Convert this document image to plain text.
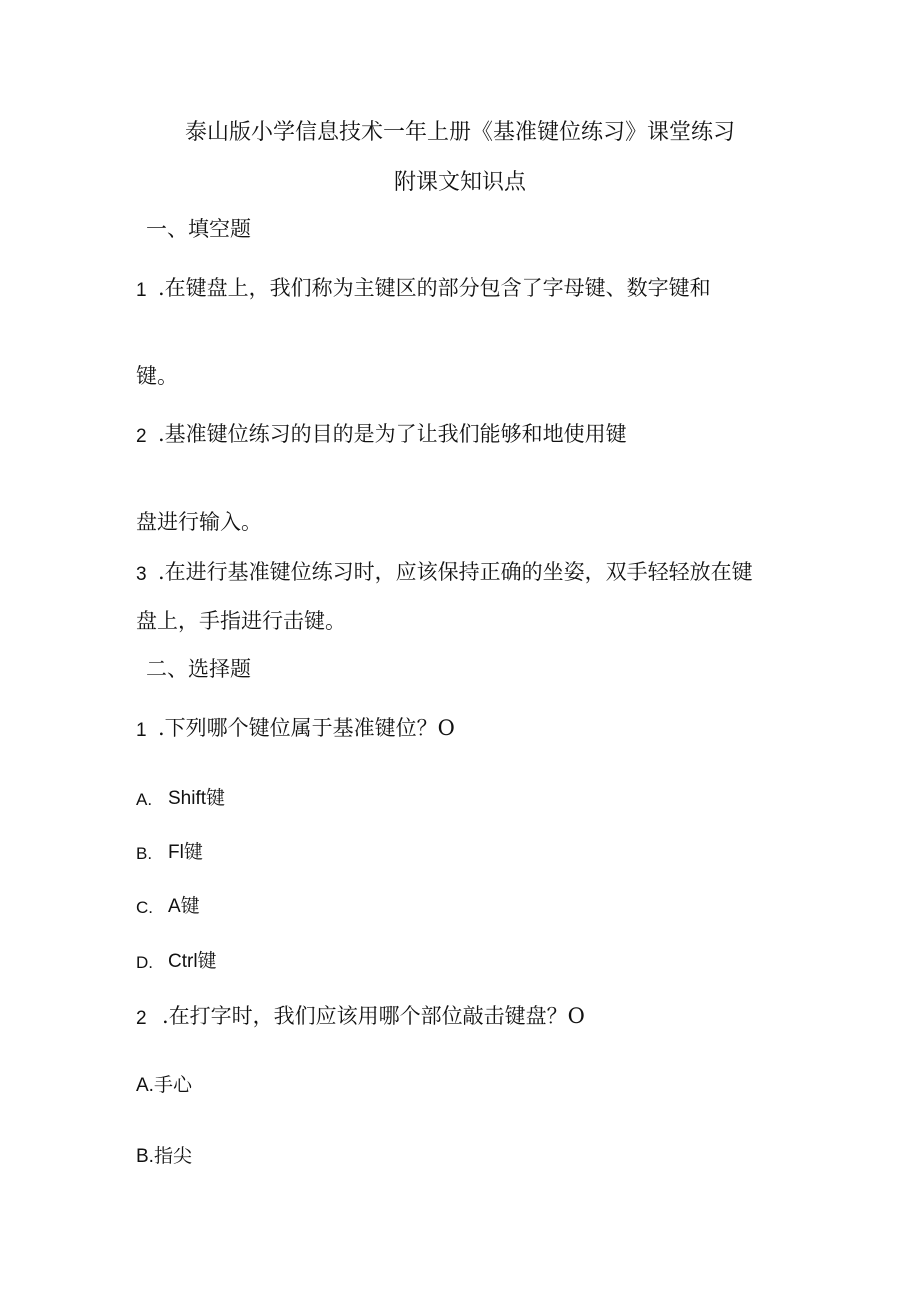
泰山版小学信息技术一年上册《基准键位练习》课堂练习
附课文知识点
一、填空题
1 .在键盘上，我们称为主键区的部分包含了字母键、数字键和
键。
2 .基准键位练习的目的是为了让我们能够和地使用键
盘进行输入。
3 .在进行基准键位练习时，应该保持正确的坐姿，双手轻轻放在键
盘上，手指进行击键。
二、选择题
1 .下列哪个键位属于基准键位？O
A. Shift键
B. Fl键
C. A键
D. Ctrl键
2 .在打字时，我们应该用哪个部位敲击键盘？O
A.手心
B.指尖
